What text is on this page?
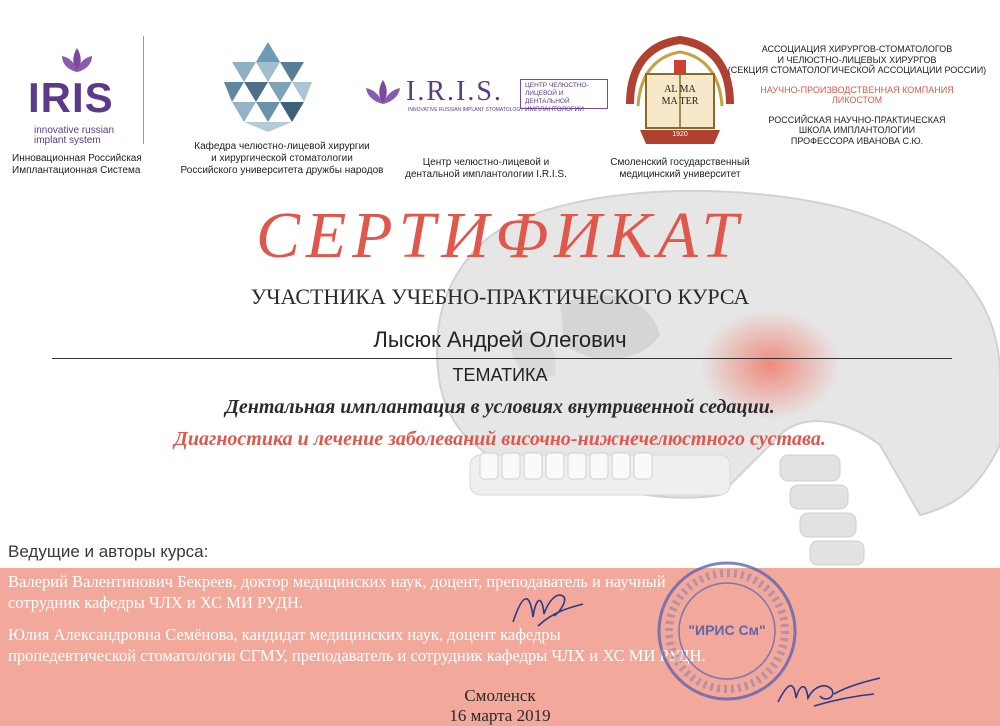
IRIS
innovative russian
implant system
Инновационная Российская
Имплантационная Система
Кафедра челюстно-лицевой хирургии
и хирургической стоматологии
Российского университета дружбы народов
I.R.I.S.
INNOVATIVE RUSSIAN IMPLANT STOMATOLOGY
ЦЕНТР ЧЕЛЮСТНО-
ЛИЦЕВОЙ И ДЕНТАЛЬНОЙ
ИМПЛАНТОЛОГИИ
Центр челюстно-лицевой и
дентальной имплантологии I.R.I.S.
AL MA
MA TER
1920
Смоленский государственный
медицинский университет
АССОЦИАЦИЯ ХИРУРГОВ-СТОМАТОЛОГОВ
И ЧЕЛЮСТНО-ЛИЦЕВЫХ ХИРУРГОВ
(СЕКЦИЯ СТОМАТОЛОГИЧЕСКОЙ АССОЦИАЦИИ РОССИИ)
НАУЧНО-ПРОИЗВОДСТВЕННАЯ КОМПАНИЯ
ЛИКОСТОМ
РОССИЙСКАЯ НАУЧНО-ПРАКТИЧЕСКАЯ
ШКОЛА ИМПЛАНТОЛОГИИ
ПРОФЕССОРА ИВАНОВА С.Ю.
СЕРТИФИКАТ
УЧАСТНИКА УЧЕБНО-ПРАКТИЧЕСКОГО КУРСА
Лысюк Андрей Олегович
ТЕМАТИКА
Дентальная имплантация в условиях внутривенной седации.
Диагностика и лечение заболеваний височно-нижнечелюстного сустава.
Ведущие и авторы курса:
Валерий Валентинович Бекреев, доктор медицинских наук, доцент, преподаватель и научный
сотрудник кафедры ЧЛХ и ХС МИ РУДН.
Юлия Александровна Семёнова, кандидат медицинских наук, доцент кафедры
пропедевтической стоматологии СГМУ, преподаватель и сотрудник кафедры ЧЛХ и ХС МИ РУДН.
"ИРИС См"
Смоленск
16 марта 2019
